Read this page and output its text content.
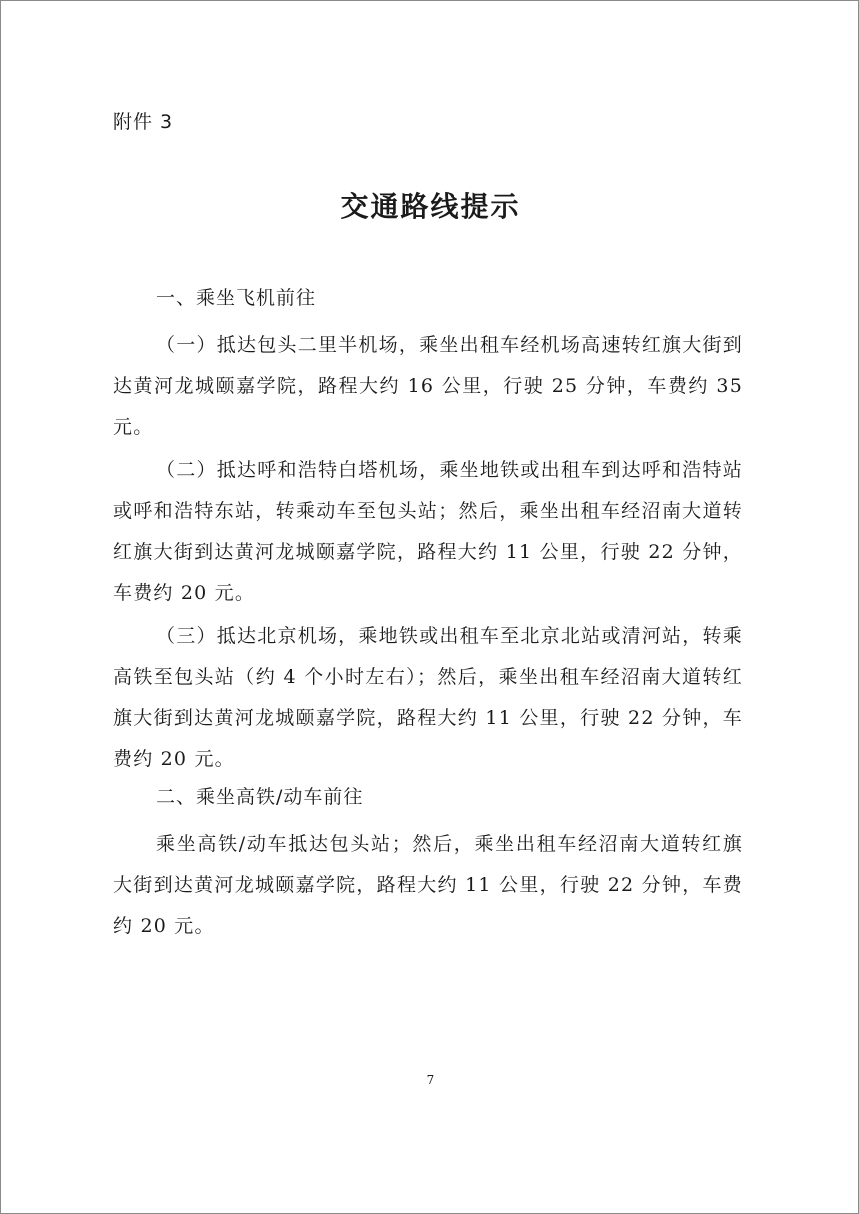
附件 3
交通路线提示
一、乘坐飞机前往

（一）抵达包头二里半机场，乘坐出租车经机场高速转红旗大街到达黄河龙城颐嘉学院，路程大约 16 公里，行驶 25 分钟，车费约 35 元。

（二）抵达呼和浩特白塔机场，乘坐地铁或出租车到达呼和浩特站或呼和浩特东站，转乘动车至包头站；然后，乘坐出租车经沼南大道转红旗大街到达黄河龙城颐嘉学院，路程大约 11 公里，行驶 22 分钟，车费约 20 元。

（三）抵达北京机场，乘地铁或出租车至北京北站或清河站，转乘高铁至包头站（约 4 个小时左右）；然后，乘坐出租车经沼南大道转红旗大街到达黄河龙城颐嘉学院，路程大约 11 公里，行驶 22 分钟，车费约 20 元。

二、乘坐高铁/动车前往

乘坐高铁/动车抵达包头站；然后，乘坐出租车经沼南大道转红旗大街到达黄河龙城颐嘉学院，路程大约 11 公里，行驶 22 分钟，车费约 20 元。

7
